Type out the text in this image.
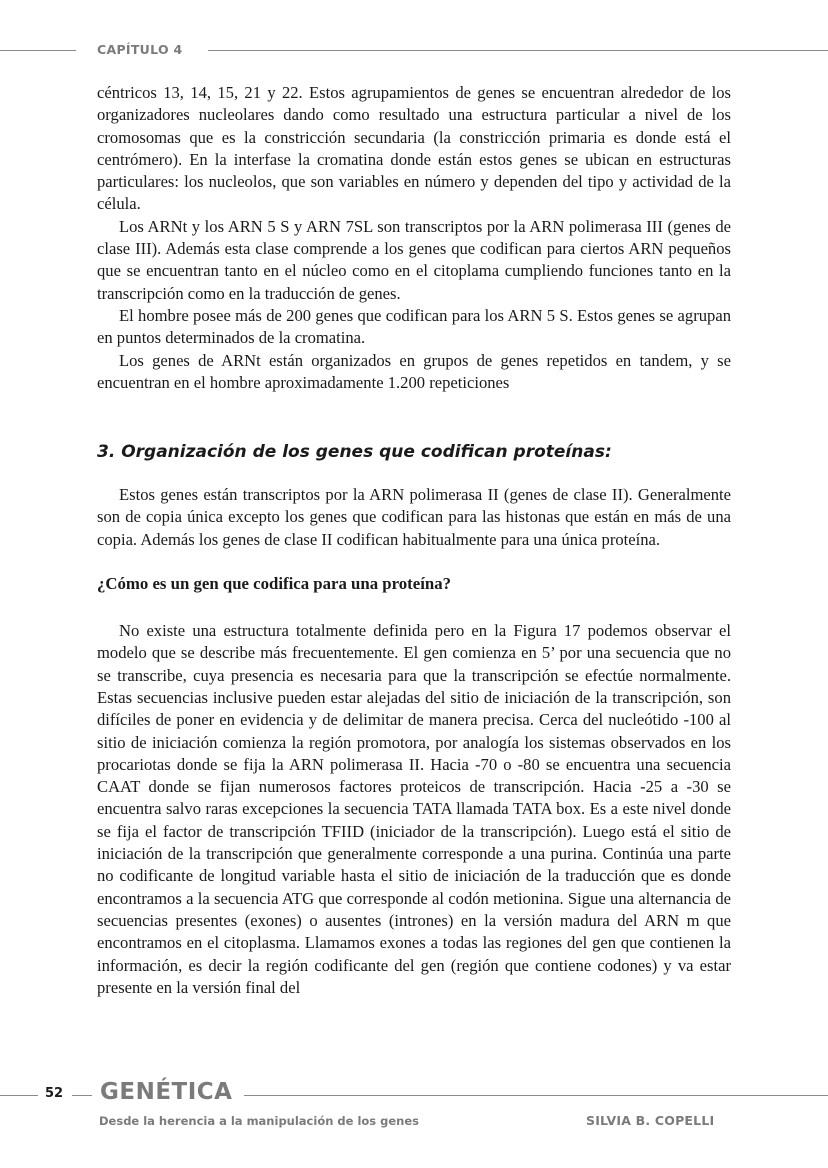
CAPÍTULO 4

céntricos 13, 14, 15, 21 y 22. Estos agrupamientos de genes se encuentran alrededor de los organizadores nucleolares dando como resultado una estructura particular a nivel de los cromosomas que es la constricción secundaria (la constricción primaria es donde está el centrómero). En la interfase la cromatina donde están estos genes se ubican en estructuras particulares: los nucleolos, que son variables en número y dependen del tipo y actividad de la célula.

Los ARNt y los ARN 5 S y ARN 7SL son transcriptos por la ARN polimerasa III (genes de clase III). Además esta clase comprende a los genes que codifican para ciertos ARN pequeños que se encuentran tanto en el núcleo como en el citoplama cumpliendo funciones tanto en la transcripción como en la traducción de genes.

El hombre posee más de 200 genes que codifican para los ARN 5 S. Estos genes se agrupan en puntos determinados de la cromatina.

Los genes de ARNt están organizados en grupos de genes repetidos en tandem, y se encuentran en el hombre aproximadamente 1.200 repeticiones

3. Organización de los genes que codifican proteínas:

Estos genes están transcriptos por la ARN polimerasa II (genes de clase II). Generalmente son de copia única excepto los genes que codifican para las histonas que están en más de una copia. Además los genes de clase II codifican habitualmente para una única proteína.

¿Cómo es un gen que codifica para una proteína?

No existe una estructura totalmente definida pero en la Figura 17 podemos observar el modelo que se describe más frecuentemente. El gen comienza en 5’ por una secuencia que no se transcribe, cuya presencia es necesaria para que la transcripción se efectúe normalmente. Estas secuencias inclusive pueden estar alejadas del sitio de iniciación de la transcripción, son difíciles de poner en evidencia y de delimitar de manera precisa. Cerca del nucleótido -100 al sitio de iniciación comienza la región promotora, por analogía los sistemas observados en los procariotas donde se fija la ARN polimerasa II. Hacia -70 o -80 se encuentra una secuencia CAAT donde se fijan numerosos factores proteicos de transcripción. Hacia -25 a -30 se encuentra salvo raras excepciones la secuencia TATA llamada TATA box. Es a este nivel donde se fija el factor de transcripción TFIID (iniciador de la transcripción). Luego está el sitio de iniciación de la transcripción que generalmente corresponde a una purina. Continúa una parte no codificante de longitud variable hasta el sitio de iniciación de la traducción que es donde encontramos a la secuencia ATG que corresponde al codón metionina. Sigue una alternancia de secuencias presentes (exones) o ausentes (intrones) en la versión madura del ARN m que encontramos en el citoplasma. Llamamos exones a todas las regiones del gen que contienen la información, es decir la región codificante del gen (región que contiene codones) y va estar presente en la versión final del

52 GENÉTICA
Desde la herencia a la manipulación de los genes	SILVIA B. COPELLI
